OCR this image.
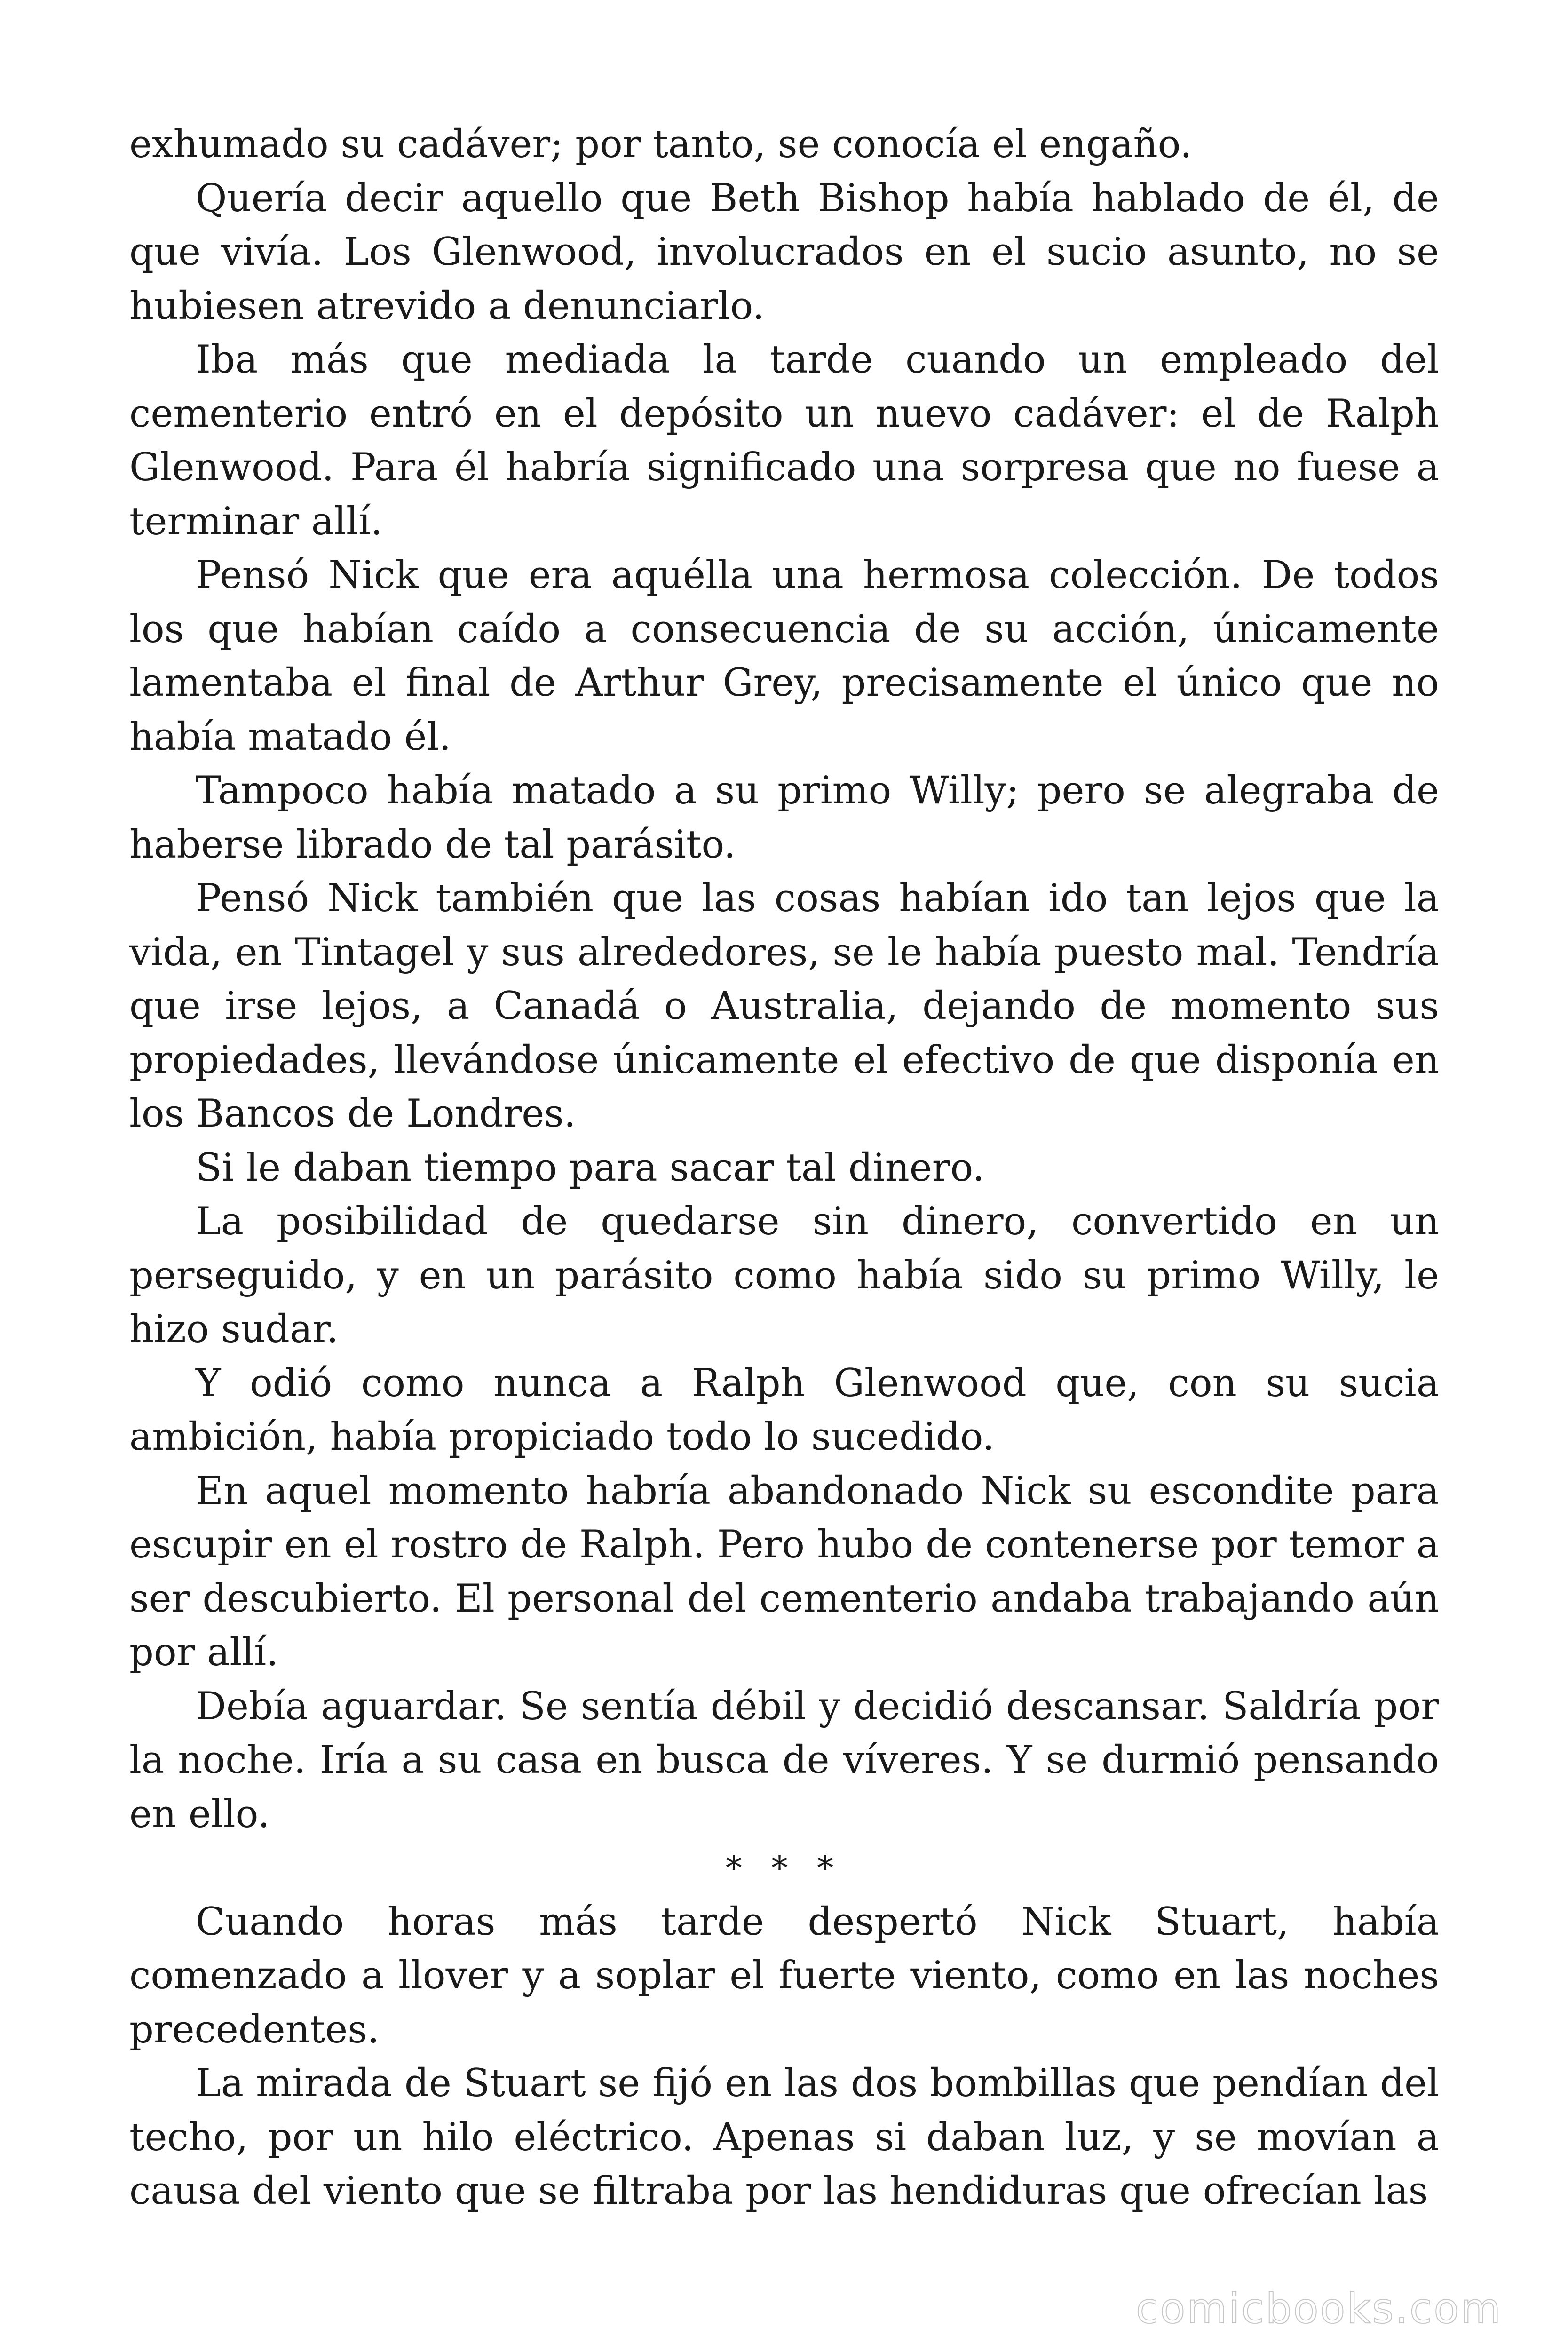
exhumado su cadáver; por tanto, se conocía el engaño.

Quería decir aquello que Beth Bishop había hablado de él, de que vivía. Los Glenwood, involucrados en el sucio asunto, no se hubiesen atrevido a denunciarlo.

Iba más que mediada la tarde cuando un empleado del cementerio entró en el depósito un nuevo cadáver: el de Ralph Glenwood. Para él habría significado una sorpresa que no fuese a terminar allí.

Pensó Nick que era aquélla una hermosa colección. De todos los que habían caído a consecuencia de su acción, únicamente lamentaba el final de Arthur Grey, precisamente el único que no había matado él.

Tampoco había matado a su primo Willy; pero se alegraba de haberse librado de tal parásito.

Pensó Nick también que las cosas habían ido tan lejos que la vida, en Tintagel y sus alrededores, se le había puesto mal. Tendría que irse lejos, a Canadá o Australia, dejando de momento sus propiedades, llevándose únicamente el efectivo de que disponía en los Bancos de Londres.

Si le daban tiempo para sacar tal dinero.

La posibilidad de quedarse sin dinero, convertido en un perseguido, y en un parásito como había sido su primo Willy, le hizo sudar.

Y odió como nunca a Ralph Glenwood que, con su sucia ambición, había propiciado todo lo sucedido.

En aquel momento habría abandonado Nick su escondite para escupir en el rostro de Ralph. Pero hubo de contenerse por temor a ser descubierto. El personal del cementerio andaba trabajando aún por allí.

Debía aguardar. Se sentía débil y decidió descansar. Saldría por la noche. Iría a su casa en busca de víveres. Y se durmió pensando en ello.

* * *

Cuando horas más tarde despertó Nick Stuart, había comenzado a llover y a soplar el fuerte viento, como en las noches precedentes.

La mirada de Stuart se fijó en las dos bombillas que pendían del techo, por un hilo eléctrico. Apenas si daban luz, y se movían a causa del viento que se filtraba por las hendiduras que ofrecían las

comicbooks.com
